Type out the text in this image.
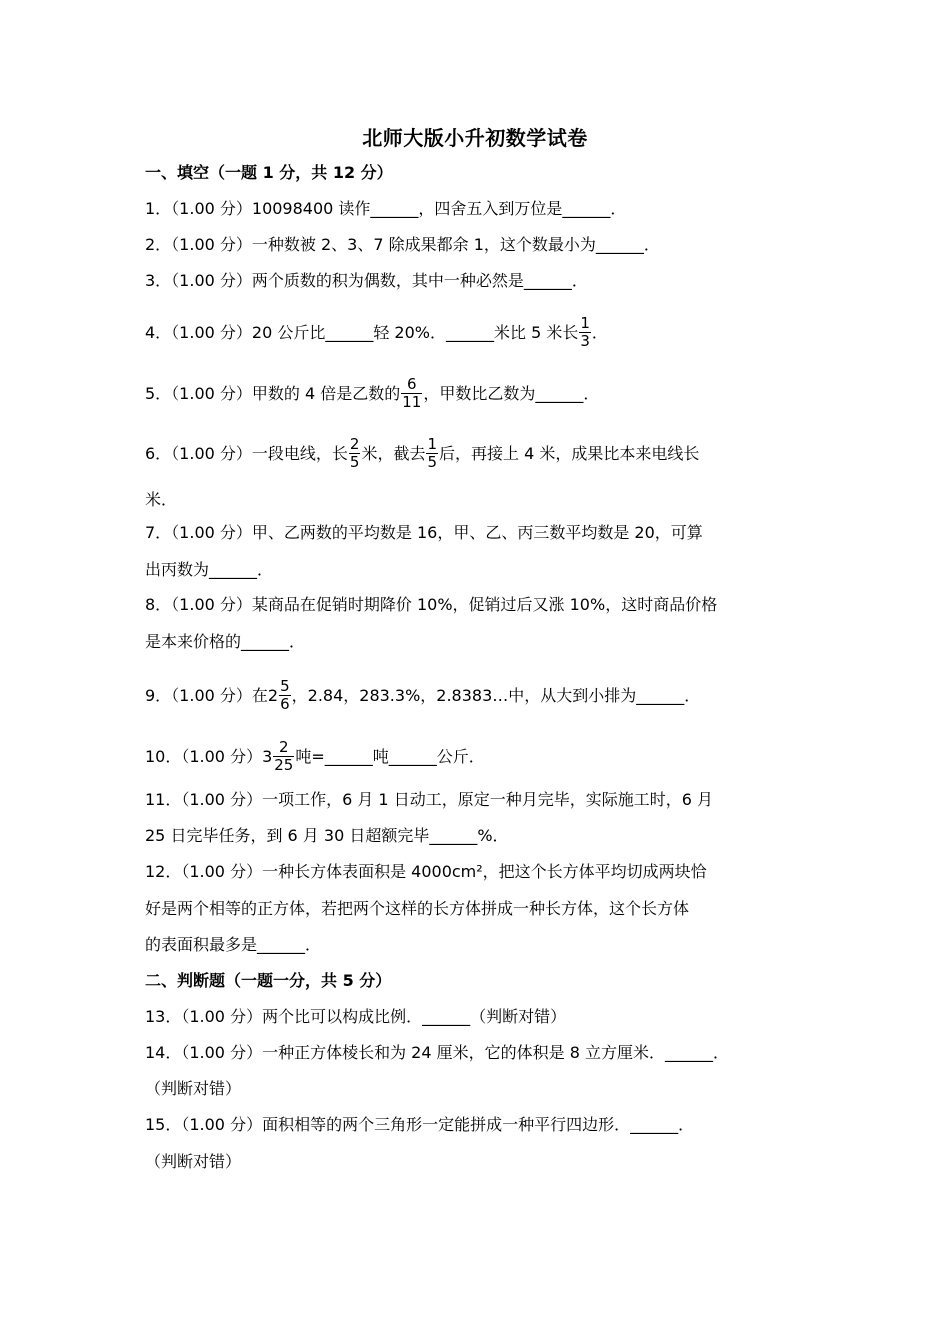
北师大版小升初数学试卷
一、填空（一题 1 分，共 12 分）
1．（1.00 分）10098400 读作______，四舍五入到万位是______．
2．（1.00 分）一种数被 2、3、7 除成果都余 1，这个数最小为______．
3．（1.00 分）两个质数的积为偶数，其中一种必然是______．
4．（1.00 分）20 公斤比______轻 20%．______米比 5 米长 $\frac{1}{3}$ ．
5．（1.00 分）甲数的 4 倍是乙数的 $\frac{6}{11}$ ，甲数比乙数为______．
6．（1.00 分）一段电线，长 $\frac{2}{5}$ 米，截去 $\frac{1}{5}$ 后，再接上 4 米，成果比本来电线长
米．
7．（1.00 分）甲、乙两数的平均数是 16，甲、乙、丙三数平均数是 20，可算
出丙数为______．
8．（1.00 分）某商品在促销时期降价 10%，促销过后又涨 10%，这时商品价格
是本来价格的______．
9．（1.00 分）在$2 \frac{5}{6}$ ，2.84，283.3%，2.8383…中，从大到小排为______．
10．（1.00 分）$3 \frac{2}{25}$ 吨=______吨______公斤．
11．（1.00 分）一项工作，6 月 1 日动工，原定一种月完毕，实际施工时，6 月
25 日完毕任务，到 6 月 30 日超额完毕______%．
12．（1.00 分）一种长方体表面积是 4000cm²，把这个长方体平均切成两块恰
好是两个相等的正方体，若把两个这样的长方体拼成一种长方体，这个长方体
的表面积最多是______．
二、判断题（一题一分，共 5 分）
13．（1.00 分）两个比可以构成比例．______（判断对错）
14．（1.00 分）一种正方体棱长和为 24 厘米，它的体积是 8 立方厘米．______．
（判断对错）
15．（1.00 分）面积相等的两个三角形一定能拼成一种平行四边形．______．
（判断对错）
